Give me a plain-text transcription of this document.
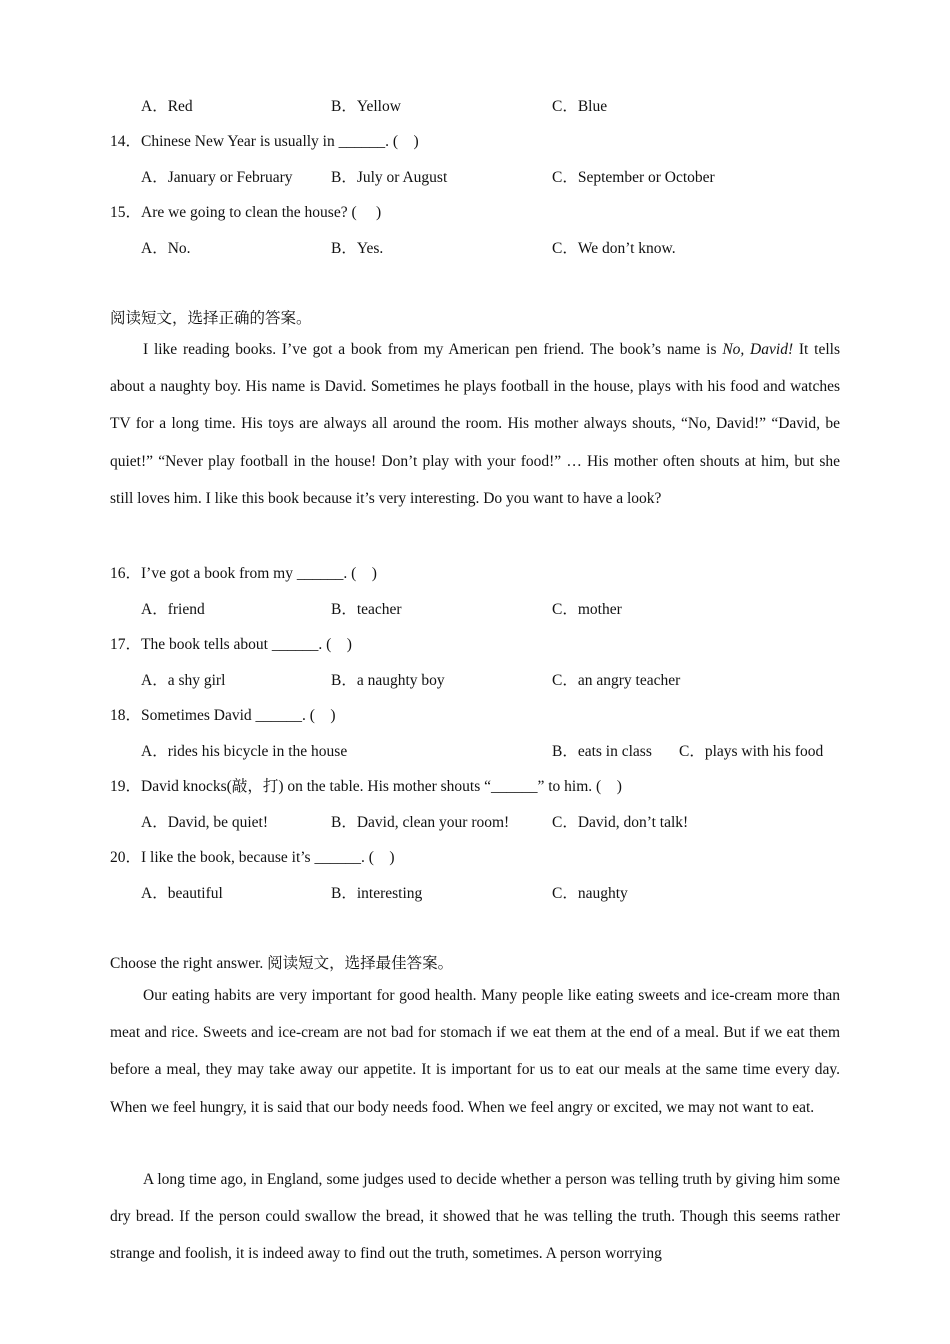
A．Red	B．Yellow	C．Blue
14．Chinese New Year is usually in ______. (　)
A．January or February B．July or August	C．September or October
15．Are we going to clean the house? (　 )
A．No.	B．Yes.	C．We don’t know.
阅读短文，选择正确的答案。
I like reading books. I’ve got a book from my American pen friend. The book’s name is No, David! It tells about a naughty boy. His name is David. Sometimes he plays football in the house, plays with his food and watches TV for a long time. His toys are always all around the room. His mother always shouts, “No, David!” “David, be quiet!” “Never play football in the house! Don’t play with your food!” … His mother often shouts at him, but she still loves him. I like this book because it’s very interesting. Do you want to have a look?
16．I’ve got a book from my ______. (　)
A．friend	B．teacher	C．mother
17．The book tells about ______. (　)
A．a shy girl	B．a naughty boy	C．an angry teacher
18．Sometimes David ______. (　)
A．rides his bicycle in the house	B．eats in class C．plays with his food
19．David knocks(敲，打) on the table. His mother shouts “______” to him. (　)
A．David, be quiet!	B．David, clean your room!	C．David, don’t talk!
20．I like the book, because it’s ______. (　)
A．beautiful	B．interesting	C．naughty
Choose the right answer. 阅读短文，选择最佳答案。
Our eating habits are very important for good health. Many people like eating sweets and ice-cream more than meat and rice. Sweets and ice-cream are not bad for stomach if we eat them at the end of a meal. But if we eat them before a meal, they may take away our appetite. It is important for us to eat our meals at the same time every day. When we feel hungry, it is said that our body needs food. When we feel angry or excited, we may not want to eat.
A long time ago, in England, some judges used to decide whether a person was telling truth by giving him some dry bread. If the person could swallow the bread, it showed that he was telling the truth. Though this seems rather strange and foolish, it is indeed away to find out the truth, sometimes. A person worrying
